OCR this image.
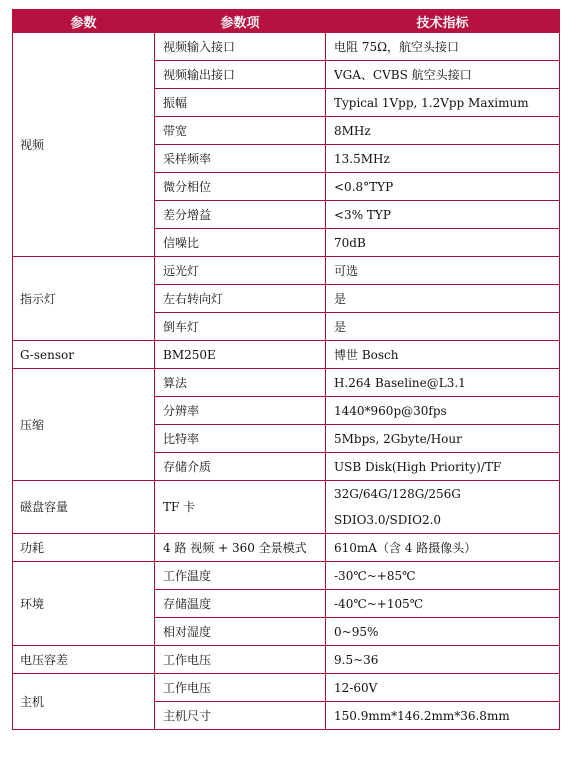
参数	参数项	技术指标
视频	视频输入接口	电阻 75Ω，航空头接口
	视频输出接口	VGA、CVBS 航空头接口
	振幅	Typical 1Vpp, 1.2Vpp Maximum
	带宽	8MHz
	采样频率	13.5MHz
	微分相位	<0.8°TYP
	差分增益	<3% TYP
	信噪比	70dB
指示灯	远光灯	可选
	左右转向灯	是
	倒车灯	是
G-sensor	BM250E	博世 Bosch
压缩	算法	H.264 Baseline@L3.1
	分辨率	1440*960p@30fps
	比特率	5Mbps, 2Gbyte/Hour
	存储介质	USB Disk(High Priority)/TF
磁盘容量	TF 卡	32G/64G/128G/256G
SDIO3.0/SDIO2.0

功耗	4 路 视频 + 360 全景模式	610mA（含 4 路摄像头）
环境	工作温度	-30℃~+85℃
	存储温度	-40℃~+105℃
	相对湿度	0~95%
电压容差	工作电压	9.5~36
主机	工作电压	12-60V
	主机尺寸	150.9mm*146.2mm*36.8mm
